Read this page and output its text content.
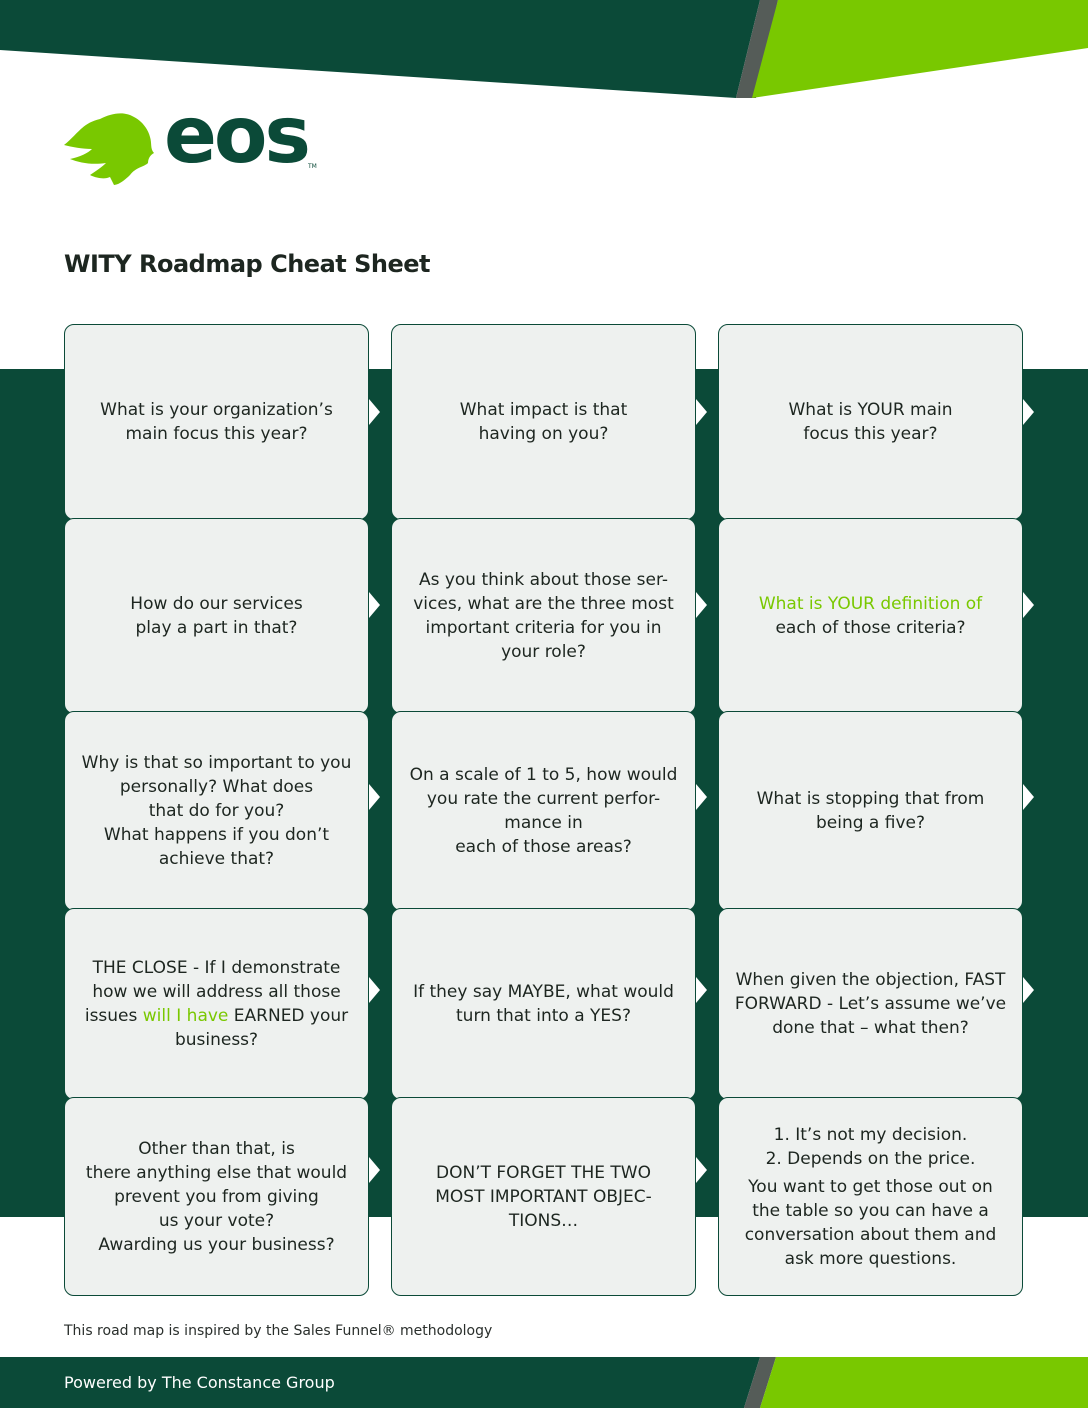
eos TM
WITY Roadmap Cheat Sheet
What is your organization’s
main focus this year?
What impact is that
having on you?
What is YOUR main
focus this year?
How do our services
play a part in that?
As you think about those ser-
vices, what are the three most
important criteria for you in
your role?
What is YOUR definition of
each of those criteria?
Why is that so important to you
personally? What does
that do for you?
What happens if you don’t
achieve that?
On a scale of 1 to 5, how would
you rate the current perfor-
mance in
each of those areas?
What is stopping that from
being a five?
THE CLOSE - If I demonstrate
how we will address all those
issues will I have EARNED your
business?
If they say MAYBE, what would
turn that into a YES?
When given the objection, FAST
FORWARD - Let’s assume we’ve
done that – what then?
Other than that, is
there anything else that would
prevent you from giving
us your vote?
Awarding us your business?
DON’T FORGET THE TWO
MOST IMPORTANT OBJEC-
TIONS…
1. It’s not my decision.
2. Depends on the price.
You want to get those out on
the table so you can have a
conversation about them and
ask more questions.
This road map is inspired by the Sales Funnel® methodology
Powered by The Constance Group
